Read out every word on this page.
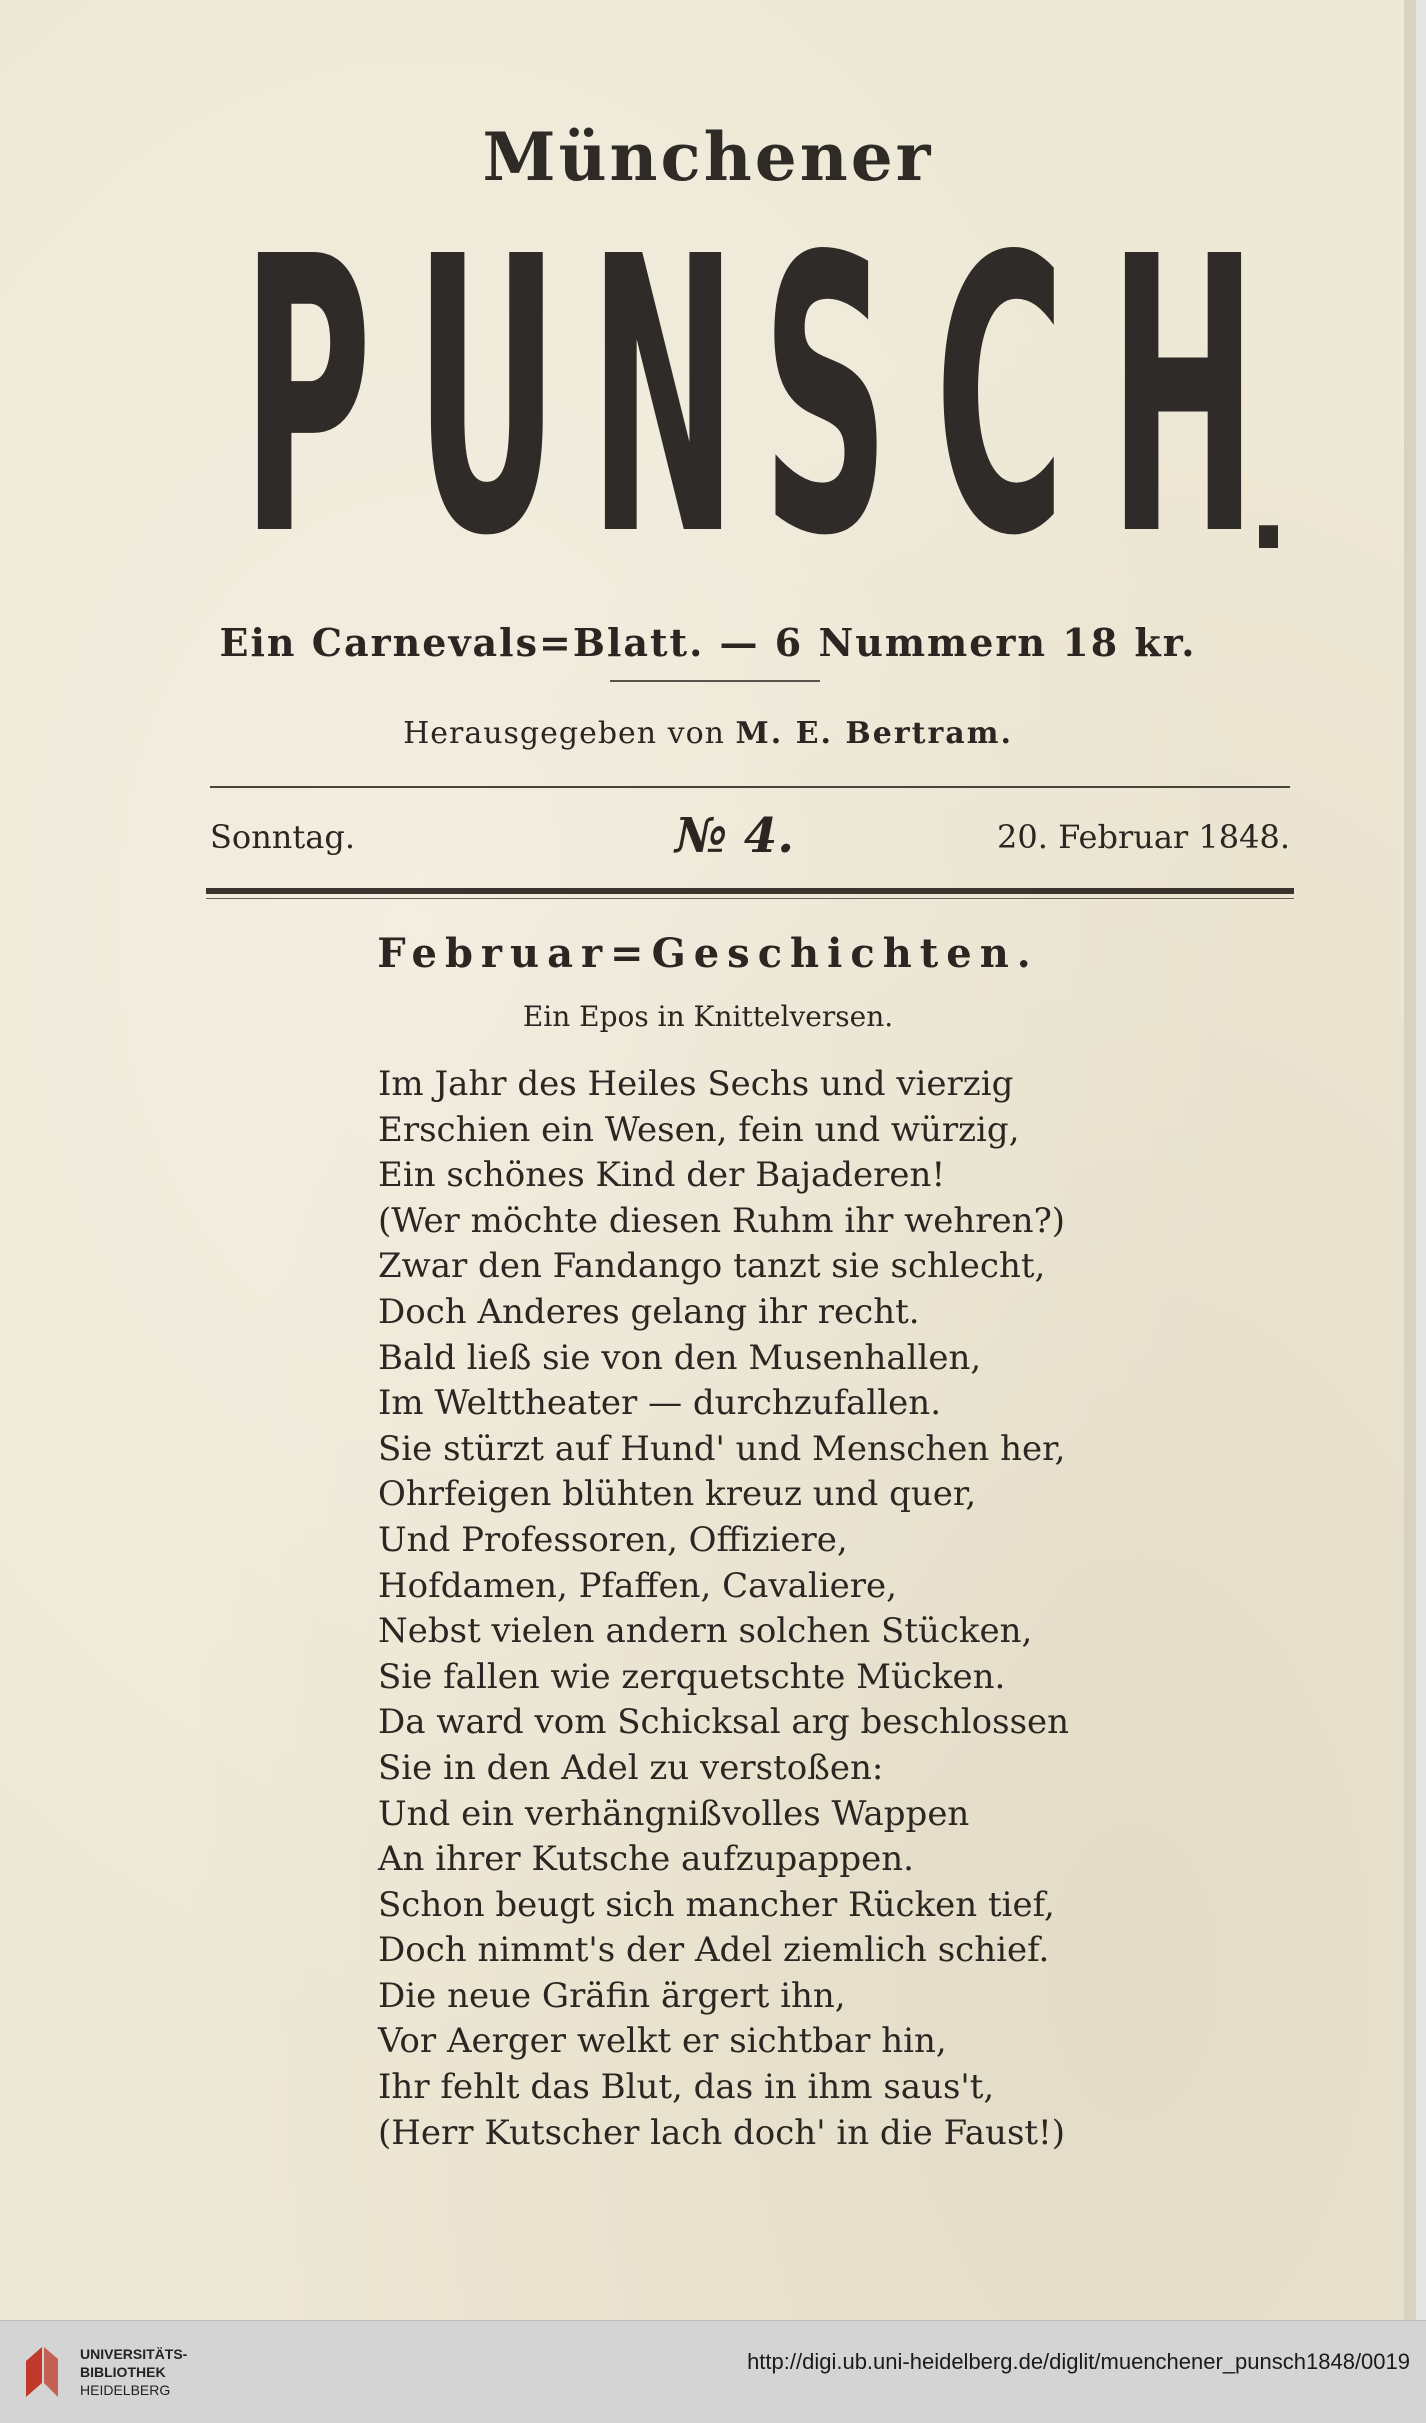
Münchener
P U N S C H
.
Ein Carnevals=Blatt. — 6 Nummern 18 kr.
Herausgegeben von M. E. Bertram.
Sonntag.	№ 4.	20. Februar 1848.
Februar=Geschichten.
Ein Epos in Knittelversen.
Im Jahr des Heiles Sechs und vierzig
Erschien ein Wesen, fein und würzig,
Ein schönes Kind der Bajaderen!
(Wer möchte diesen Ruhm ihr wehren?)
Zwar den Fandango tanzt sie schlecht,
Doch Anderes gelang ihr recht.
Bald ließ sie von den Musenhallen,
Im Welttheater — durchzufallen.
Sie stürzt auf Hund' und Menschen her,
Ohrfeigen blühten kreuz und quer,
Und Professoren, Offiziere,
Hofdamen, Pfaffen, Cavaliere,
Nebst vielen andern solchen Stücken,
Sie fallen wie zerquetschte Mücken.
Da ward vom Schicksal arg beschlossen
Sie in den Adel zu verstoßen:
Und ein verhängnißvolles Wappen
An ihrer Kutsche aufzupappen.
Schon beugt sich mancher Rücken tief,
Doch nimmt's der Adel ziemlich schief.
Die neue Gräfin ärgert ihn,
Vor Aerger welkt er sichtbar hin,
Ihr fehlt das Blut, das in ihm saus't,
(Herr Kutscher lach doch' in die Faust!)
UNIVERSITÄTS-
BIBLIOTHEK
HEIDELBERG
http://digi.ub.uni-heidelberg.de/diglit/muenchener_punsch1848/0019
